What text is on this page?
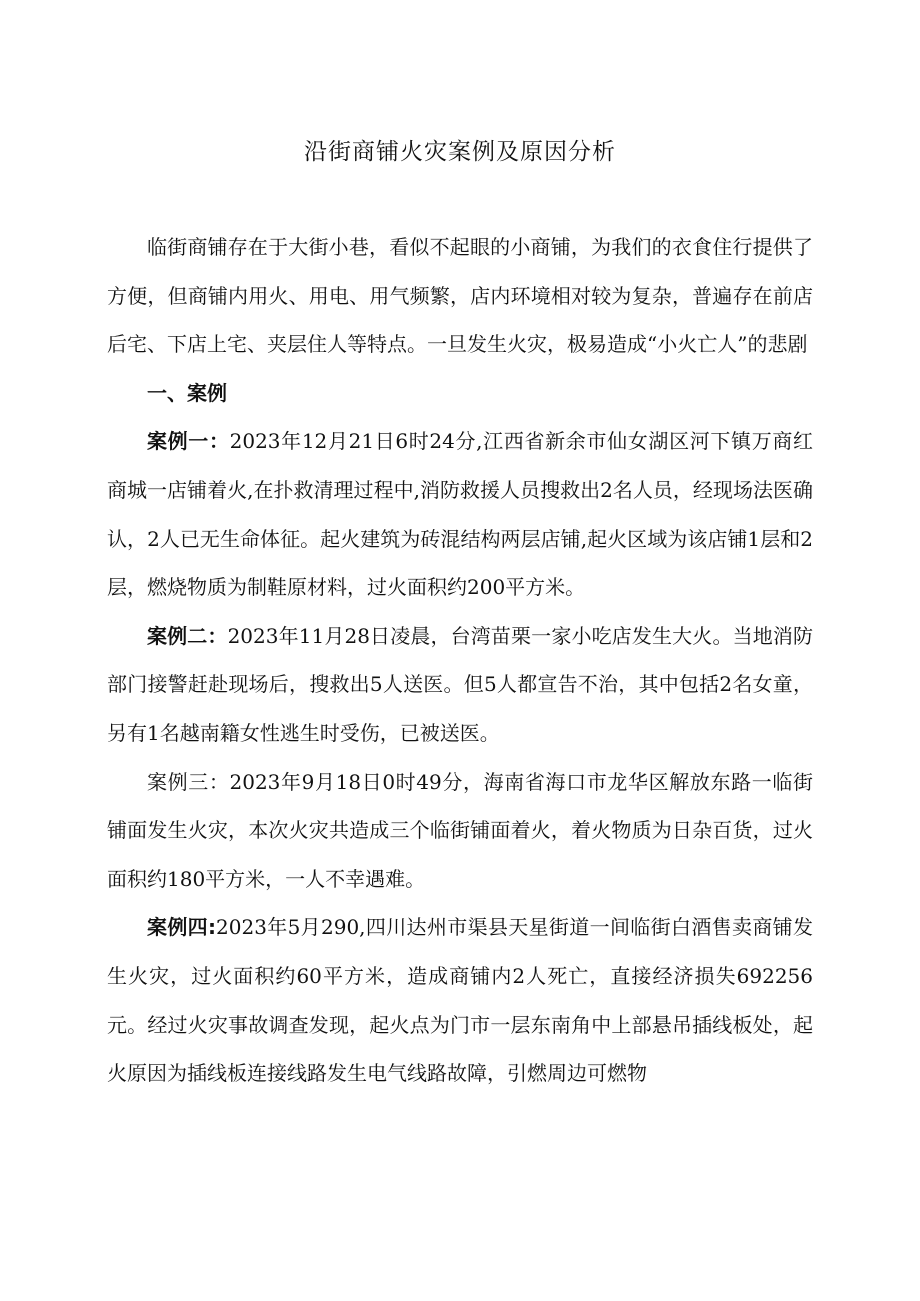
沿街商铺火灾案例及原因分析

临街商铺存在于大街小巷，看似不起眼的小商铺，为我们的衣食住行提供了方便，但商铺内用火、用电、用气频繁，店内环境相对较为复杂，普遍存在前店后宅、下店上宅、夹层住人等特点。一旦发生火灾，极易造成“小火亡人”的悲剧

一、案例

案例一：2023年12月21日6时24分,江西省新余市仙女湖区河下镇万商红商城一店铺着火,在扑救清理过程中,消防救援人员搜救出2名人员，经现场法医确认，2人已无生命体征。起火建筑为砖混结构两层店铺,起火区域为该店铺1层和2层，燃烧物质为制鞋原材料，过火面积约200平方米。

案例二：2023年11月28日凌晨，台湾苗栗一家小吃店发生大火。当地消防部门接警赶赴现场后，搜救出5人送医。但5人都宣告不治，其中包括2名女童，另有1名越南籍女性逃生时受伤，已被送医。

案例三：2023年9月18日0时49分，海南省海口市龙华区解放东路一临街铺面发生火灾，本次火灾共造成三个临街铺面着火，着火物质为日杂百货，过火面积约180平方米，一人不幸遇难。

案例四:2023年5月290,四川达州市渠县天星街道一间临街白酒售卖商铺发生火灾，过火面积约60平方米，造成商铺内2人死亡，直接经济损失692256元。经过火灾事故调查发现，起火点为门市一层东南角中上部悬吊插线板处，起火原因为插线板连接线路发生电气线路故障，引燃周边可燃物
